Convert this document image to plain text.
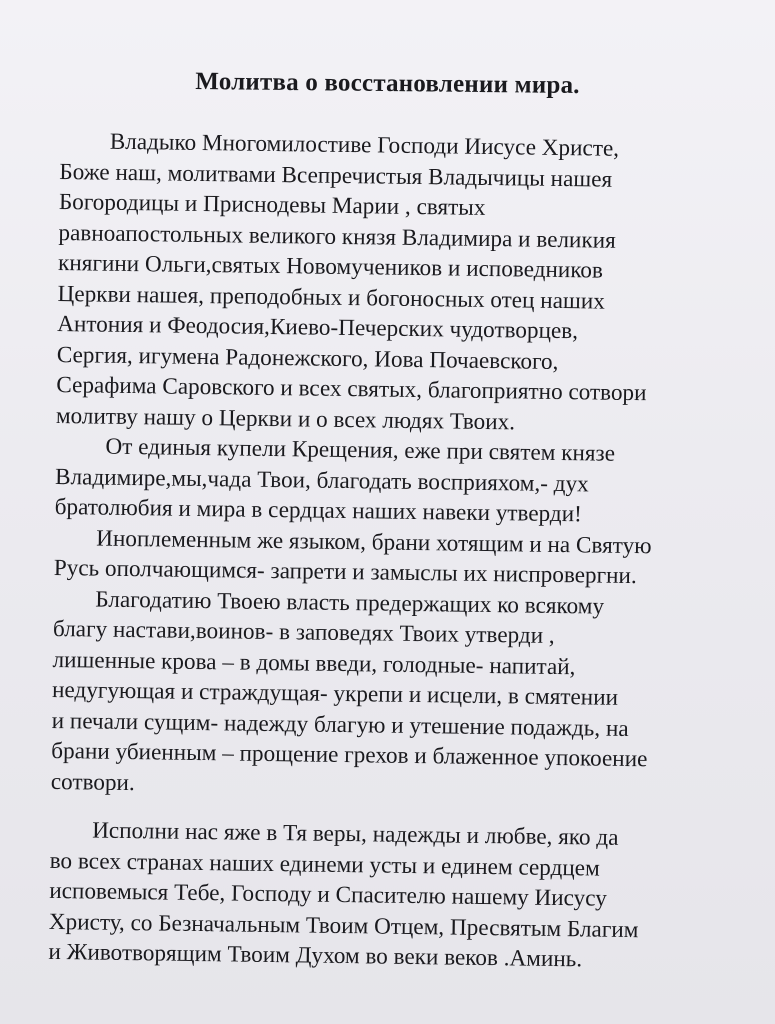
Молитва о восстановлении мира.
Владыко Многомилостиве Господи Иисусе Христе,
Боже наш, молитвами Всепречистыя Владычицы нашея
Богородицы и Приснодевы Марии , святых
равноапостольных великого князя Владимира и великия
княгини Ольги,святых Новомучеников и исповедников
Церкви нашея, преподобных и богоносных отец наших
Антония и Феодосия,Киево-Печерских чудотворцев,
Сергия, игумена Радонежского, Иова Почаевского,
Серафима Саровского и всех святых, благоприятно сотвори
молитву нашу о Церкви и о всех людях Твоих.
От единыя купели Крещения, еже при святем князе
Владимире,мы,чада Твои, благодать восприяхом,- дух
братолюбия и мира в сердцах наших навеки утверди!
Иноплеменным же языком, брани хотящим и на Святую
Русь ополчающимся- запрети и замыслы их ниспровергни.
Благодатию Твоею власть предержащих ко всякому
благу настави,воинов- в заповедях Твоих утверди ,
лишенные крова – в домы введи, голодные- напитай,
недугующая и страждущая- укрепи и исцели, в смятении
и печали сущим- надежду благую и утешение подаждь, на
брани убиенным – прощение грехов и блаженное упокоение
сотвори.
Исполни нас яже в Тя веры, надежды и любве, яко да
во всех странах наших единеми усты и единем сердцем
исповемыся Тебе, Господу и Спасителю нашему Иисусу
Христу, со Безначальным Твоим Отцем, Пресвятым Благим
и Животворящим Твоим Духом во веки веков .Аминь.
